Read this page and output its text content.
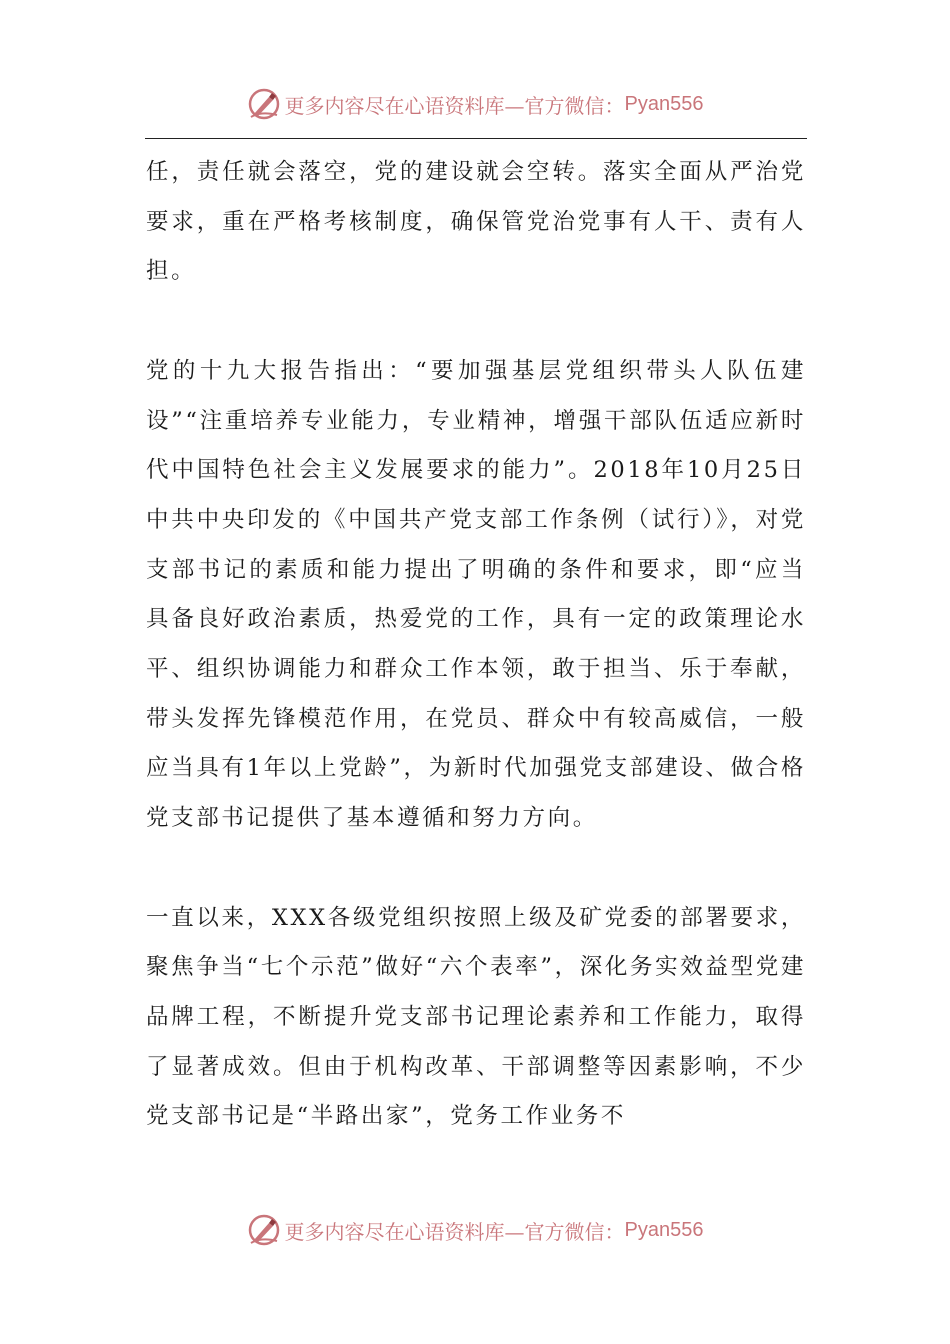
更多内容尽在心语资料库—官方微信： Pyan556

任，责任就会落空，党的建设就会空转。落实全面从严治党要求，重在严格考核制度，确保管党治党事有人干、责有人担。

党的十九大报告指出：“要加强基层党组织带头人队伍建设”“注重培养专业能力，专业精神，增强干部队伍适应新时代中国特色社会主义发展要求的能力”。2018年10月25日中共中央印发的《中国共产党支部工作条例（试行）》，对党支部书记的素质和能力提出了明确的条件和要求，即“应当具备良好政治素质，热爱党的工作，具有一定的政策理论水平、组织协调能力和群众工作本领，敢于担当、乐于奉献，带头发挥先锋模范作用，在党员、群众中有较高威信，一般应当具有1年以上党龄”，为新时代加强党支部建设、做合格党支部书记提供了基本遵循和努力方向。

一直以来，XXX各级党组织按照上级及矿党委的部署要求，聚焦争当“七个示范”做好“六个表率”，深化务实效益型党建品牌工程，不断提升党支部书记理论素养和工作能力，取得了显著成效。但由于机构改革、干部调整等因素影响，不少党支部书记是“半路出家”，党务工作业务不

更多内容尽在心语资料库—官方微信： Pyan556
